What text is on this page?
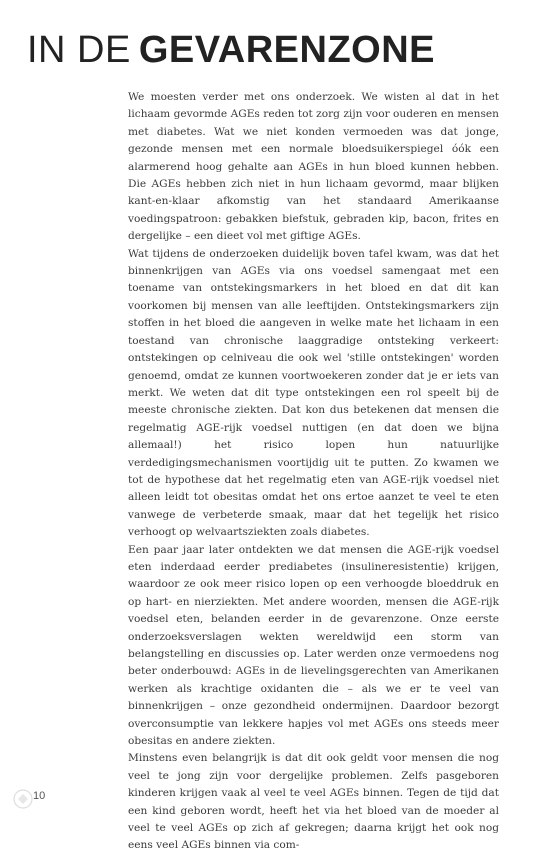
IN DE GEVARENZONE

We moesten verder met ons onderzoek. We wisten al dat in het lichaam gevormde AGEs reden tot zorg zijn voor ouderen en mensen met diabetes. Wat we niet konden vermoeden was dat jonge, gezonde mensen met een normale bloedsuikerspiegel óók een alarmerend hoog gehalte aan AGEs in hun bloed kunnen hebben. Die AGEs hebben zich niet in hun lichaam gevormd, maar blijken kant-en-klaar afkomstig van het standaard Amerikaanse voedingspatroon: gebakken biefstuk, gebraden kip, bacon, frites en dergelijke – een dieet vol met giftige AGEs.

Wat tijdens de onderzoeken duidelijk boven tafel kwam, was dat het binnenkrijgen van AGEs via ons voedsel samengaat met een toename van ontstekingsmarkers in het bloed en dat dit kan voorkomen bij mensen van alle leeftijden. Ontstekingsmarkers zijn stoffen in het bloed die aangeven in welke mate het lichaam in een toestand van chronische laaggradige ontsteking verkeert: ontstekingen op celniveau die ook wel 'stille ontstekingen' worden genoemd, omdat ze kunnen voortwoekeren zonder dat je er iets van merkt. We weten dat dit type ontstekingen een rol speelt bij de meeste chronische ziekten. Dat kon dus betekenen dat mensen die regelmatig AGE-rijk voedsel nuttigen (en dat doen we bijna allemaal!) het risico lopen hun natuurlijke verdedigingsmechanismen voortijdig uit te putten. Zo kwamen we tot de hypothese dat het regelmatig eten van AGE-rijk voedsel niet alleen leidt tot obesitas omdat het ons ertoe aanzet te veel te eten vanwege de verbeterde smaak, maar dat het tegelijk het risico verhoogt op welvaartsziekten zoals diabetes.

Een paar jaar later ontdekten we dat mensen die AGE-rijk voedsel eten inderdaad eerder prediabetes (insulineresistentie) krijgen, waardoor ze ook meer risico lopen op een verhoogde bloeddruk en op hart- en nierziekten. Met andere woorden, mensen die AGE-rijk voedsel eten, belanden eerder in de gevarenzone. Onze eerste onderzoeksverslagen wekten wereldwijd een storm van belangstelling en discussies op. Later werden onze vermoedens nog beter onderbouwd: AGEs in de lievelingsgerechten van Amerikanen werken als krachtige oxidanten die – als we er te veel van binnenkrijgen – onze gezondheid ondermijnen. Daardoor bezorgt overconsumptie van lekkere hapjes vol met AGEs ons steeds meer obesitas en andere ziekten.

Minstens even belangrijk is dat dit ook geldt voor mensen die nog veel te jong zijn voor dergelijke problemen. Zelfs pasgeboren kinderen krijgen vaak al veel te veel AGEs binnen. Tegen de tijd dat een kind geboren wordt, heeft het via het bloed van de moeder al veel te veel AGEs op zich af gekregen; daarna krijgt het ook nog eens veel AGEs binnen via com-

10
